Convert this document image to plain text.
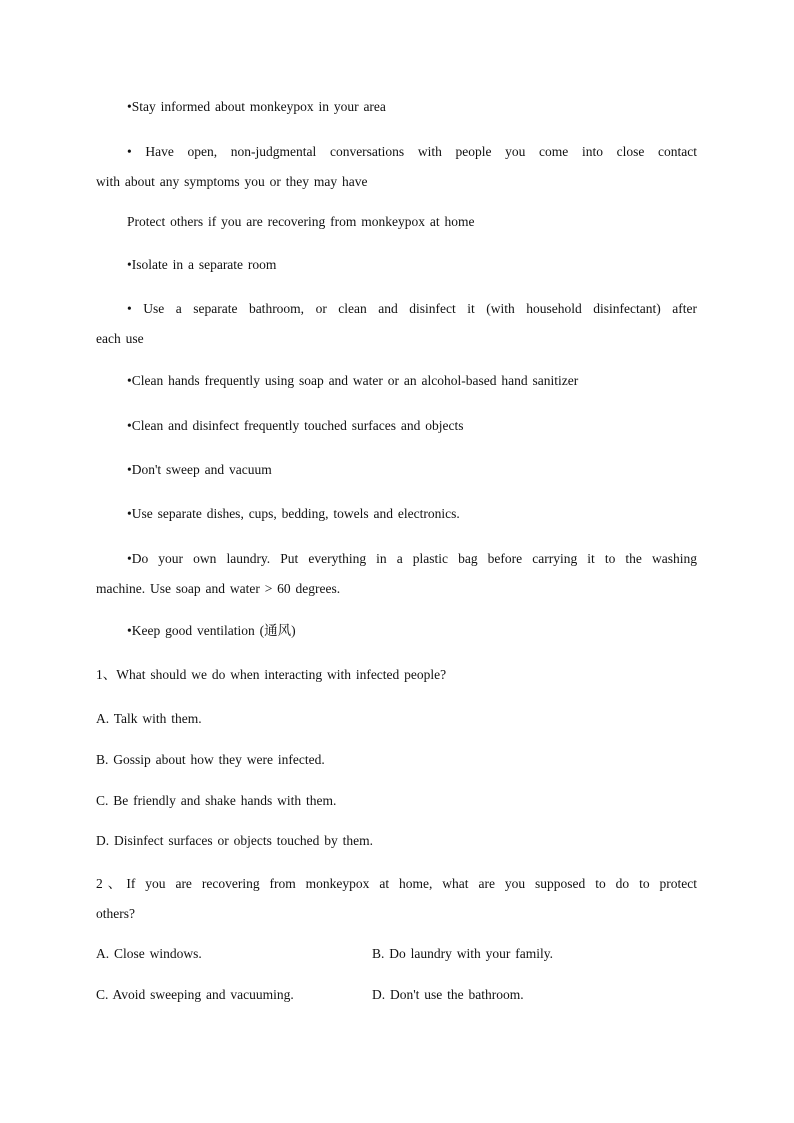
•Stay informed about monkeypox in your area
• Have open, non-judgmental conversations with people you come into close contact
with about any symptoms you or they may have
Protect others if you are recovering from monkeypox at home
•Isolate in a separate room
• Use a separate bathroom, or clean and disinfect it (with household disinfectant) after
each use
•Clean hands frequently using soap and water or an alcohol-based hand sanitizer
•Clean and disinfect frequently touched surfaces and objects
•Don't sweep and vacuum
•Use separate dishes, cups, bedding, towels and electronics.
•Do your own laundry. Put everything in a plastic bag before carrying it to the washing
machine. Use soap and water > 60 degrees.
•Keep good ventilation (通风)
1、What should we do when interacting with infected people?
A. Talk with them.
B. Gossip about how they were infected.
C. Be friendly and shake hands with them.
D. Disinfect surfaces or objects touched by them.
2、If you are recovering from monkeypox at home, what are you supposed to do to protect
others?
A. Close windows.	B. Do laundry with your family.
C. Avoid sweeping and vacuuming.	D. Don't use the bathroom.
